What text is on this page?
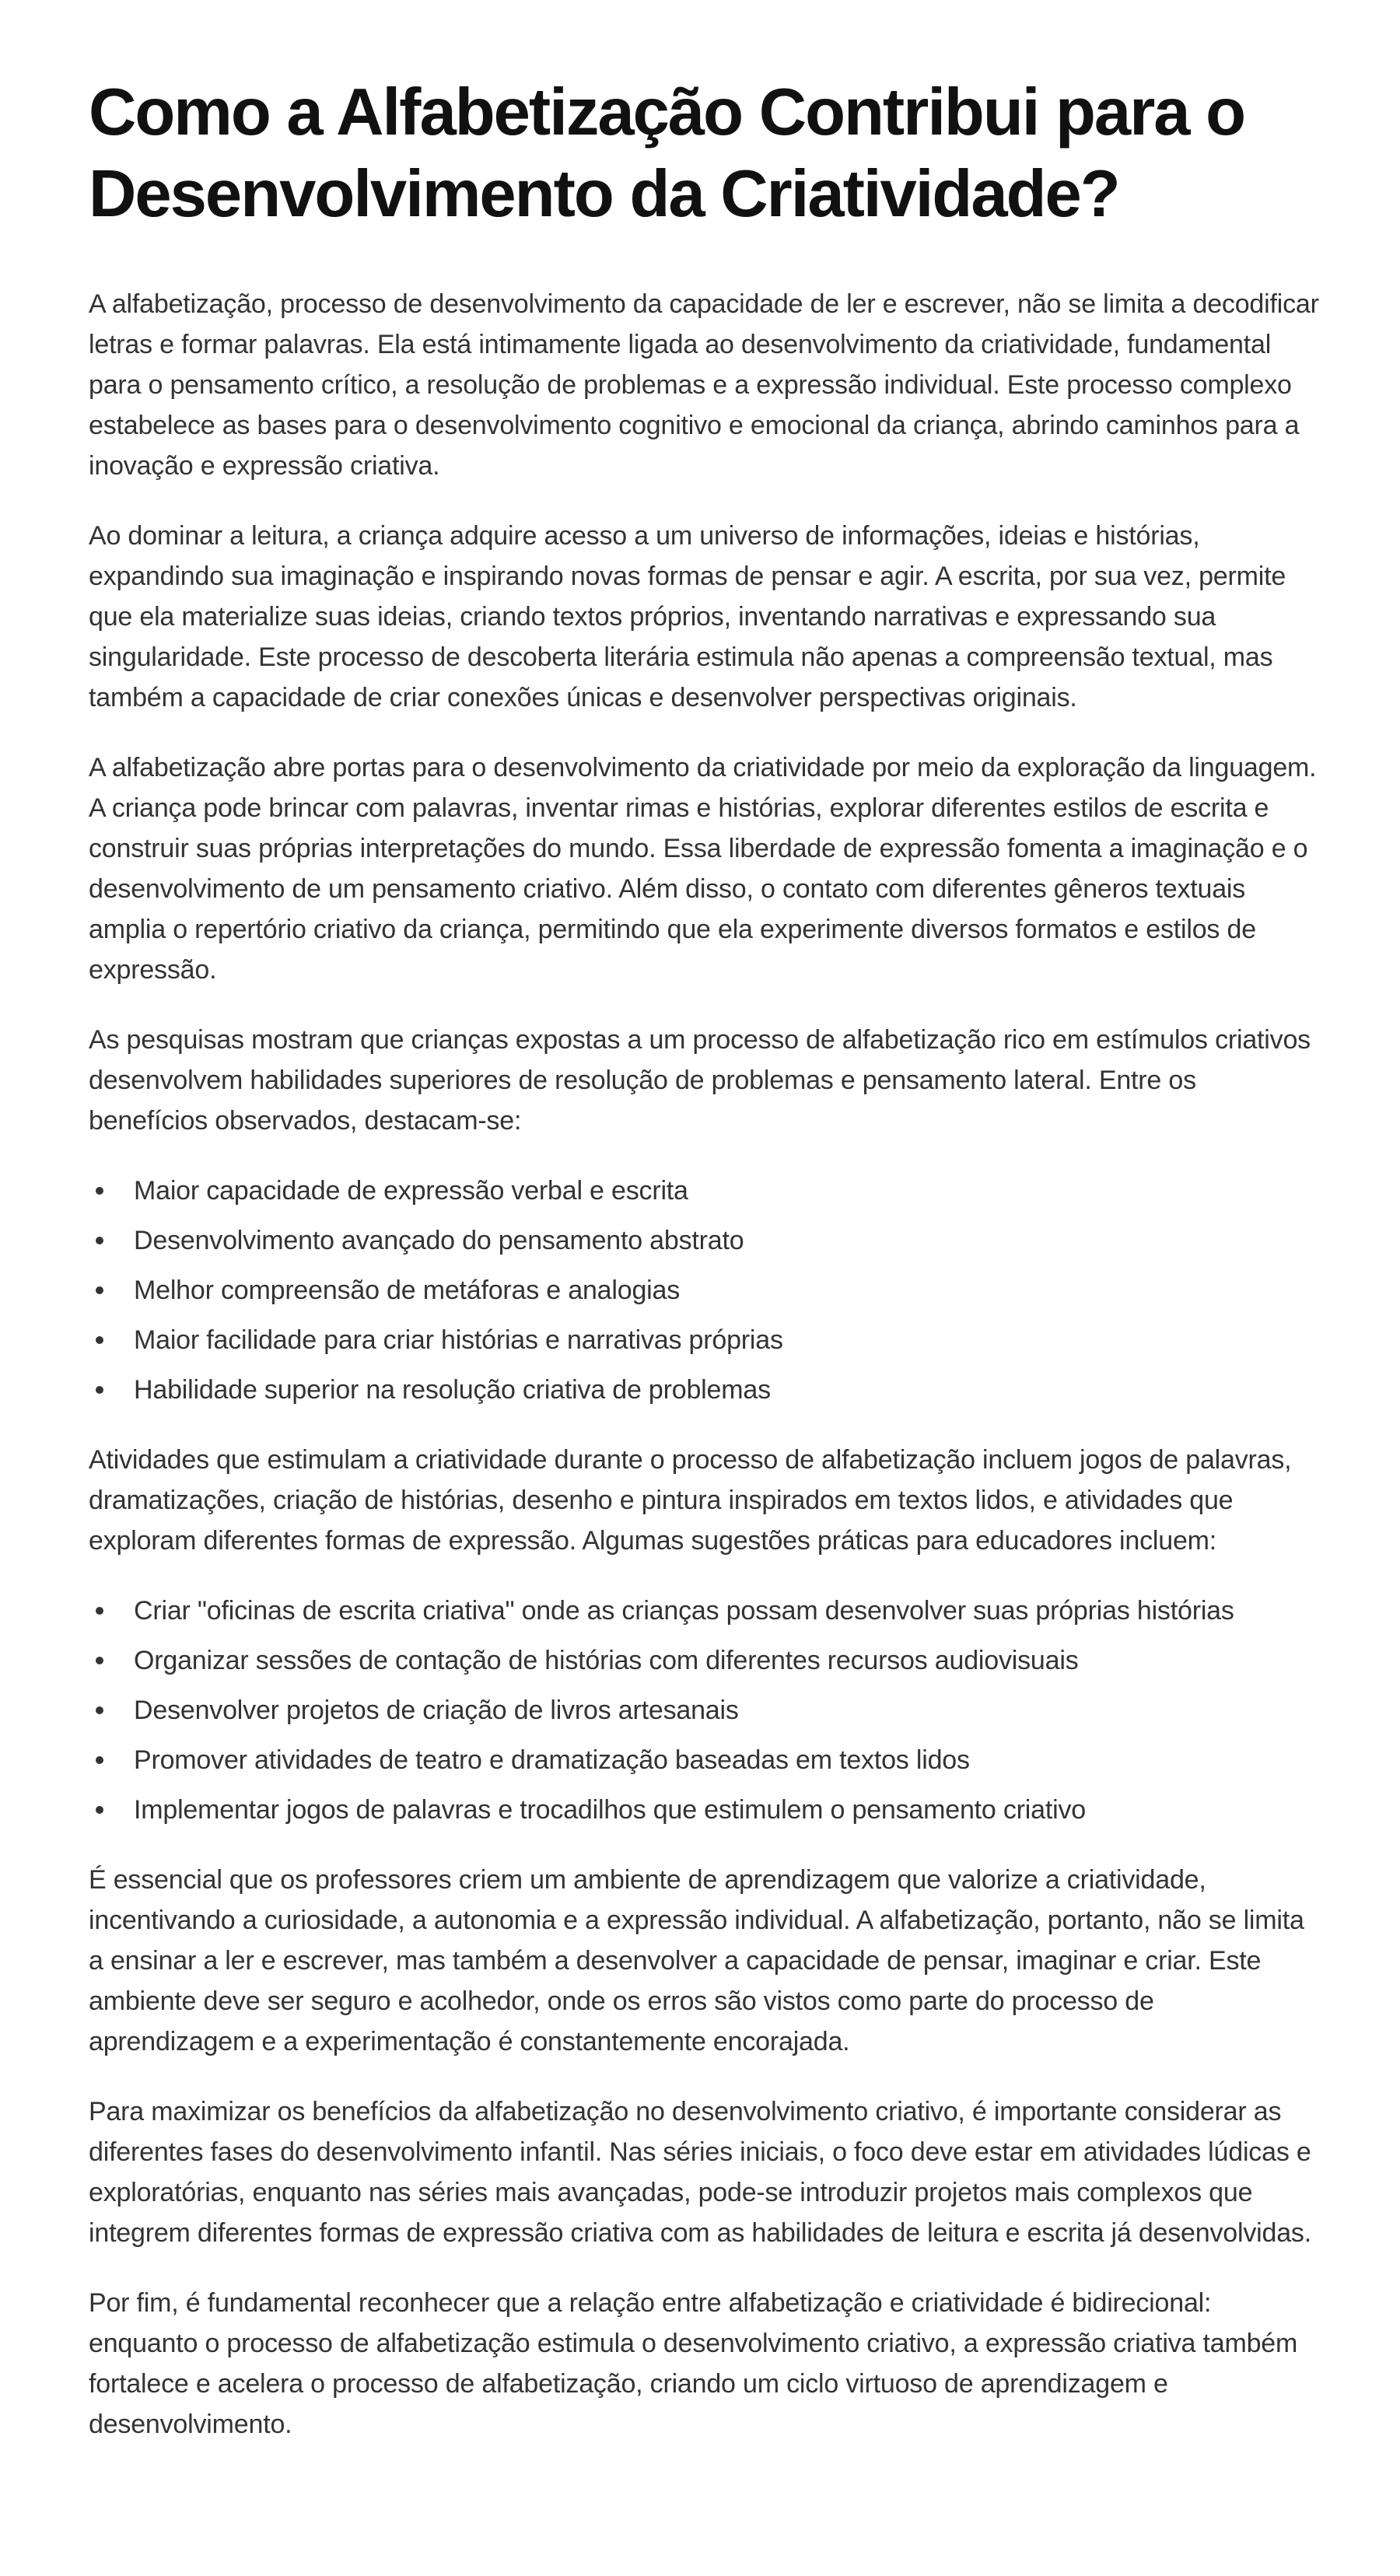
Como a Alfabetização Contribui para o Desenvolvimento da Criatividade?

A alfabetização, processo de desenvolvimento da capacidade de ler e escrever, não se limita a decodificar letras e formar palavras. Ela está intimamente ligada ao desenvolvimento da criatividade, fundamental para o pensamento crítico, a resolução de problemas e a expressão individual. Este processo complexo estabelece as bases para o desenvolvimento cognitivo e emocional da criança, abrindo caminhos para a inovação e expressão criativa.

Ao dominar a leitura, a criança adquire acesso a um universo de informações, ideias e histórias, expandindo sua imaginação e inspirando novas formas de pensar e agir. A escrita, por sua vez, permite que ela materialize suas ideias, criando textos próprios, inventando narrativas e expressando sua singularidade. Este processo de descoberta literária estimula não apenas a compreensão textual, mas também a capacidade de criar conexões únicas e desenvolver perspectivas originais.

A alfabetização abre portas para o desenvolvimento da criatividade por meio da exploração da linguagem. A criança pode brincar com palavras, inventar rimas e histórias, explorar diferentes estilos de escrita e construir suas próprias interpretações do mundo. Essa liberdade de expressão fomenta a imaginação e o desenvolvimento de um pensamento criativo. Além disso, o contato com diferentes gêneros textuais amplia o repertório criativo da criança, permitindo que ela experimente diversos formatos e estilos de expressão.

As pesquisas mostram que crianças expostas a um processo de alfabetização rico em estímulos criativos desenvolvem habilidades superiores de resolução de problemas e pensamento lateral. Entre os benefícios observados, destacam-se:

Maior capacidade de expressão verbal e escrita
Desenvolvimento avançado do pensamento abstrato
Melhor compreensão de metáforas e analogias
Maior facilidade para criar histórias e narrativas próprias
Habilidade superior na resolução criativa de problemas

Atividades que estimulam a criatividade durante o processo de alfabetização incluem jogos de palavras, dramatizações, criação de histórias, desenho e pintura inspirados em textos lidos, e atividades que exploram diferentes formas de expressão. Algumas sugestões práticas para educadores incluem:

Criar "oficinas de escrita criativa" onde as crianças possam desenvolver suas próprias histórias
Organizar sessões de contação de histórias com diferentes recursos audiovisuais
Desenvolver projetos de criação de livros artesanais
Promover atividades de teatro e dramatização baseadas em textos lidos
Implementar jogos de palavras e trocadilhos que estimulem o pensamento criativo

É essencial que os professores criem um ambiente de aprendizagem que valorize a criatividade, incentivando a curiosidade, a autonomia e a expressão individual. A alfabetização, portanto, não se limita a ensinar a ler e escrever, mas também a desenvolver a capacidade de pensar, imaginar e criar. Este ambiente deve ser seguro e acolhedor, onde os erros são vistos como parte do processo de aprendizagem e a experimentação é constantemente encorajada.

Para maximizar os benefícios da alfabetização no desenvolvimento criativo, é importante considerar as diferentes fases do desenvolvimento infantil. Nas séries iniciais, o foco deve estar em atividades lúdicas e exploratórias, enquanto nas séries mais avançadas, pode-se introduzir projetos mais complexos que integrem diferentes formas de expressão criativa com as habilidades de leitura e escrita já desenvolvidas.

Por fim, é fundamental reconhecer que a relação entre alfabetização e criatividade é bidirecional: enquanto o processo de alfabetização estimula o desenvolvimento criativo, a expressão criativa também fortalece e acelera o processo de alfabetização, criando um ciclo virtuoso de aprendizagem e desenvolvimento.
